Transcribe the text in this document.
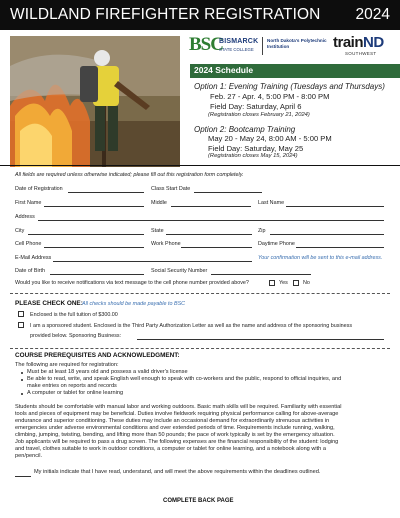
WILDLAND FIREFIGHTER REGISTRATION 2024
BSC
BISMARCK
STATE COLLEGE
North Dakota's Polytechnic Institution	trainND
SOUTHWEST
2024 Schedule
Option 1: Evening Training (Tuesdays and Thursdays)
Feb. 27 - Apr. 4, 5:00 PM - 8:00 PM
Field Day: Saturday, April 6
(Registration closes February 21, 2024)
Option 2: Bootcamp Training
May 20 - May 24, 8:00 AM - 5:00 PM
Field Day: Saturday, May 25
(Registration closes May 15, 2024)
All fields are required unless otherwise indicated; please fill out this registration form completely.
Date of Registration	Class Start Date
First Name	Middle	Last Name
Address
City	State	Zip
Cell Phone	Work Phone	Daytime Phone
E-Mail Address	Your confirmation will be sent to this e-mail address.
Date of Birth	Social Security Number
Would you like to receive notifications via text message to the cell phone number provided above?	Yes	No
PLEASE CHECK ONE: All checks should be made payable to BSC
Enclosed is the full tuition of $300.00
I am a sponsored student. Enclosed is the Third Party Authorization Letter as well as the name and address of the sponsoring business
provided below. Sponsoring Business:
COURSE PREREQUISITES AND ACKNOWLEDGMENT:
The following are required for registration:
Must be at least 18 years old and possess a valid driver's license
Be able to read, write, and speak English well enough to speak with co-workers and the public, respond to official inquiries, and
make entries on reports and records
A computer or tablet for online learning
Students should be comfortable with manual labor and working outdoors. Basic math skills will be required. Familiarity with essential
tools and pieces of equipment may be beneficial. Duties involve fieldwork requiring physical performance calling for above-average
endurance and superior conditioning. These duties may include an occasional demand for extraordinarily strenuous activities in
emergencies under adverse environmental conditions and over extended periods of time. Requirements include running, walking,
climbing, jumping, twisting, bending, and lifting more than 50 pounds; the pace of work typically is set by the emergency situation.
Job applicants will be required to pass a drug screen. The following expenses are the financial responsibility of the student: lodging
and travel, clothes suitable to work in outdoor conditions, a computer or tablet for online learning, and a notebook along with a
pen/pencil.
My initials indicate that I have read, understand, and will meet the above requirements within the deadlines outlined.
COMPLETE BACK PAGE
